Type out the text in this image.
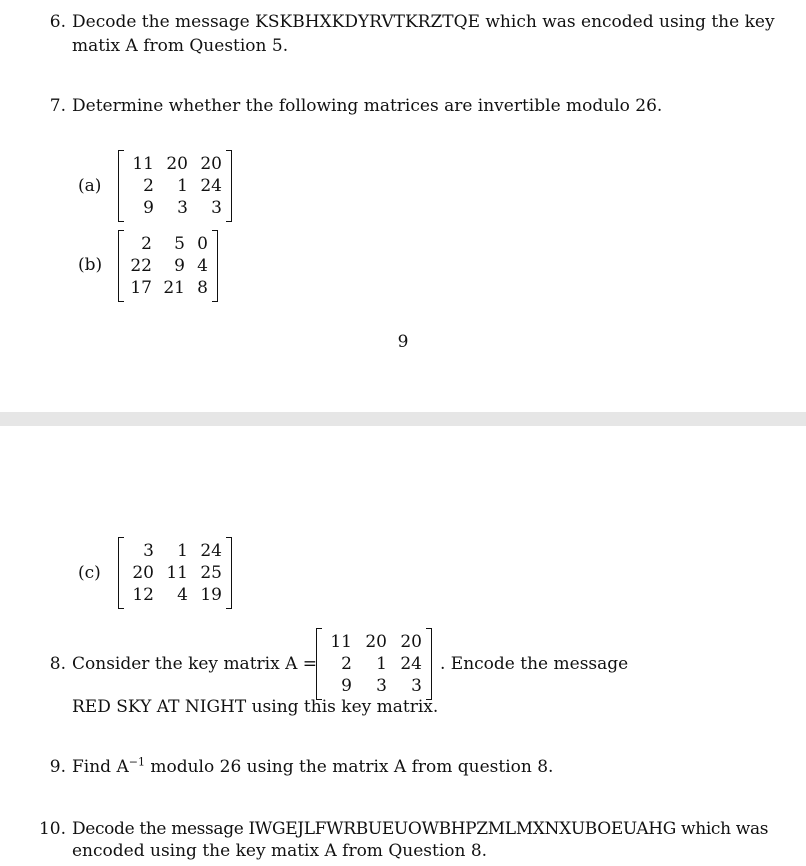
6. Decode the message KSKBHXKDYRVTKRZTQE which was encoded using the key
matix A from Question 5.
7. Determine whether the following matrices are invertible modulo 26.
(a)
11 20 20
2	1 24
9	3	3
(b)
2	5 0
22	9 4
17 21 8
9
(c)
3	1 24
20 11 25
12	4 19
8. Consider the key matrix A =
11 20 20
2	1 24
9	3	3
. Encode the message
RED SKY AT NIGHT using this key matrix.
9. Find $A^{-1}$ modulo 26 using the matrix A from question 8.
10. Decode the message IWGEJLFWRBUEUOWBHPZMLMXNXUBOEUAHG which was
encoded using the key matix A from Question 8.
